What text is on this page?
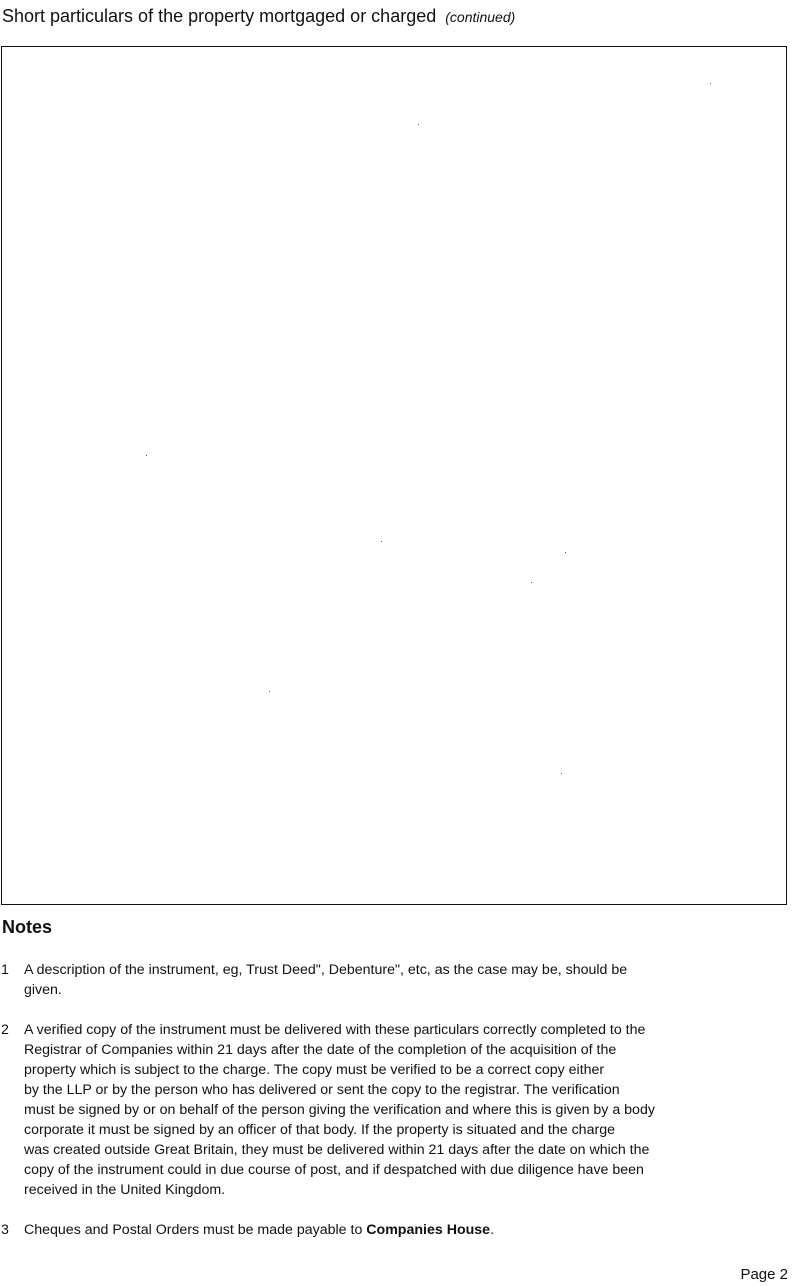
Short particulars of the property mortgaged or charged (continued)
Notes
1 A description of the instrument, eg, Trust Deed", Debenture", etc, as the case may be, should be
given.
2 A verified copy of the instrument must be delivered with these particulars correctly completed to the
Registrar of Companies within 21 days after the date of the completion of the acquisition of the
property which is subject to the charge. The copy must be verified to be a correct copy either
by the LLP or by the person who has delivered or sent the copy to the registrar. The verification
must be signed by or on behalf of the person giving the verification and where this is given by a body
corporate it must be signed by an officer of that body. If the property is situated and the charge
was created outside Great Britain, they must be delivered within 21 days after the date on which the
copy of the instrument could in due course of post, and if despatched with due diligence have been
received in the United Kingdom.
3 Cheques and Postal Orders must be made payable to Companies House.
Page 2
